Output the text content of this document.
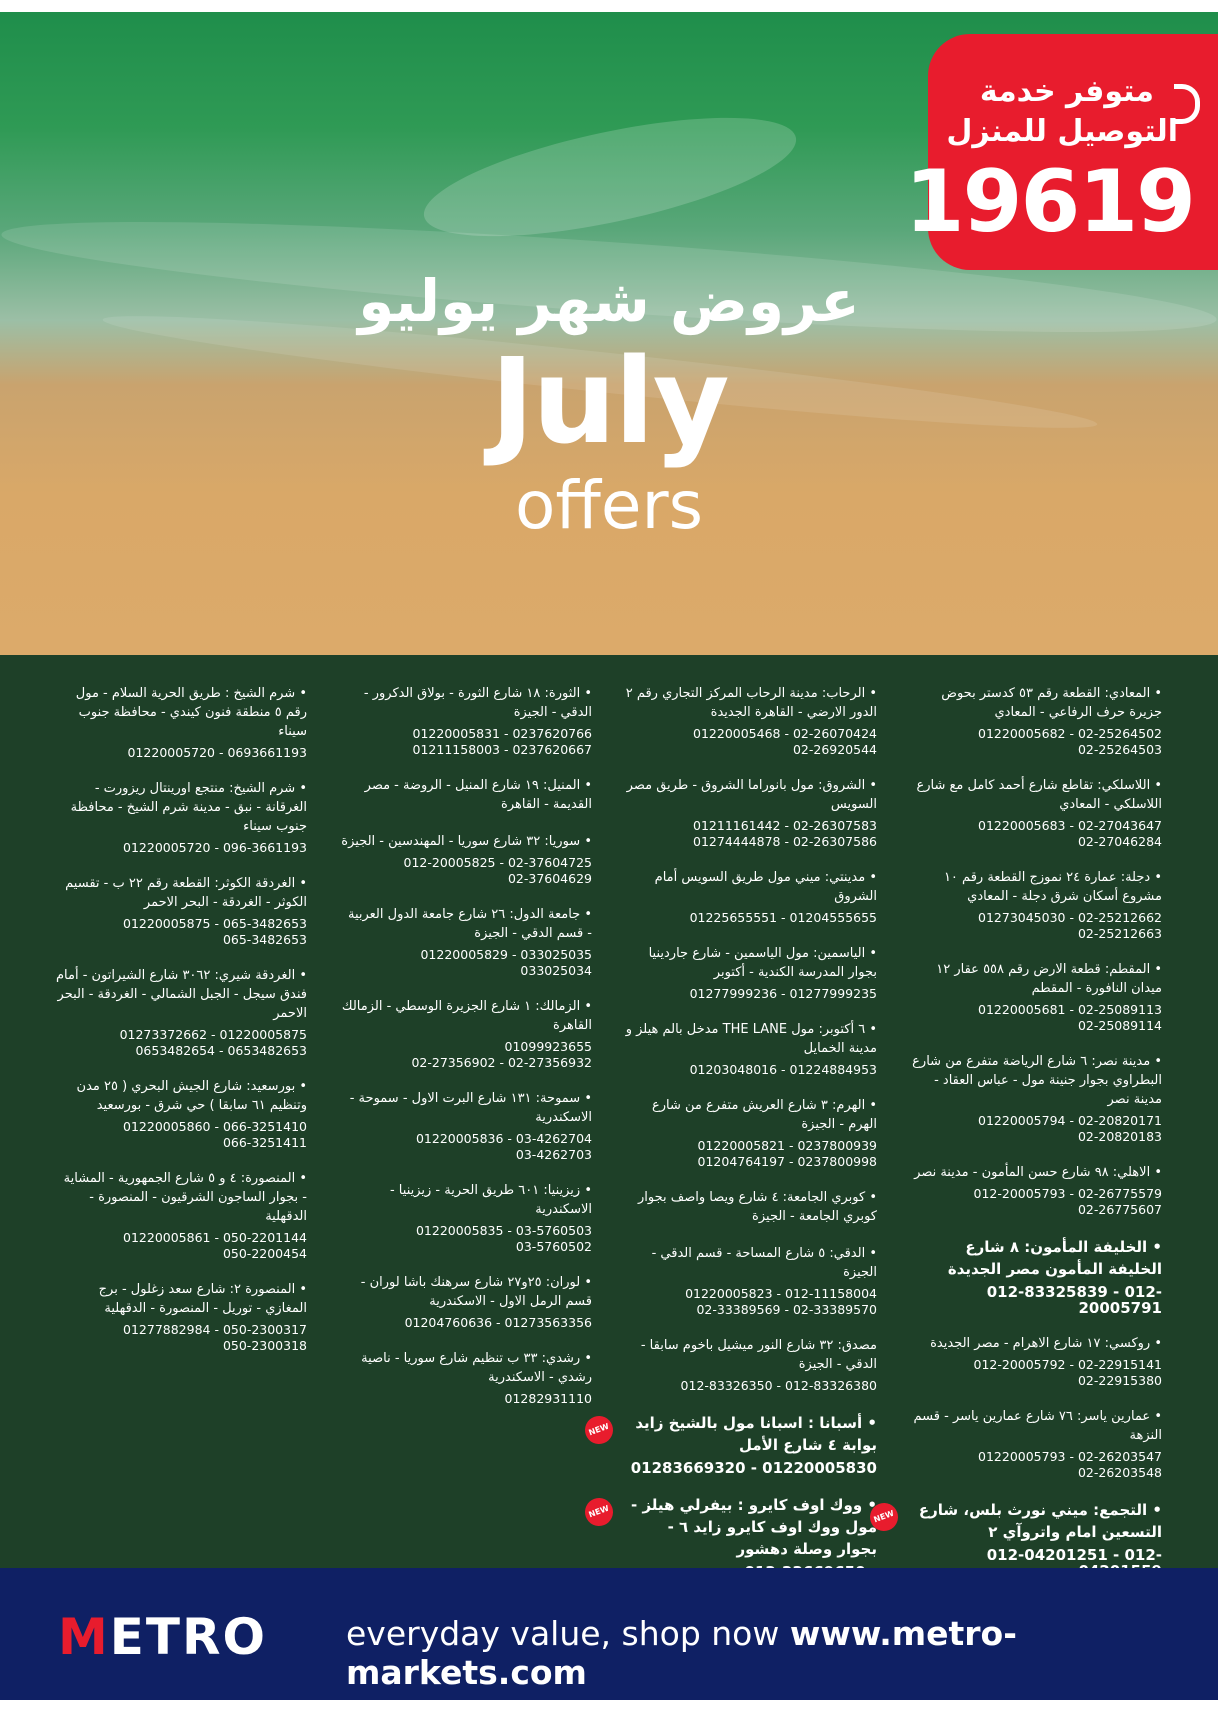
متوفر خدمة
التوصيل للمنزل
19619
عروض شهر يوليو
July
offers
• المعادي: القطعة رقم ٥٣ كدستر بحوض جزيرة حرف الرفاعي - المعادي
01220005682 - 02-25264502
02-25264503
• اللاسلكي: تقاطع شارع أحمد كامل مع شارع اللاسلكي - المعادي
01220005683 - 02-27043647
02-27046284
• دجلة: عمارة ٢٤ نموزج القطعة رقم ١٠ مشروع أسكان شرق دجلة - المعادي
01273045030 - 02-25212662
02-25212663
• المقطم: قطعة الارض رقم ٥٥٨ عقار ١٢ ميدان النافورة - المقطم
01220005681 - 02-25089113
02-25089114
• مدينة نصر: ٦ شارع الرياضة متفرع من شارع البطراوي بجوار جنينة مول - عباس العقاد - مدينة نصر
01220005794 - 02-20820171
02-20820183
• الاهلي: ٩٨ شارع حسن المأمون - مدينة نصر
012-20005793 - 02-26775579
02-26775607
• الخليفة المأمون: ٨ شارع الخليفة المأمون مصر الجديدة
012-83325839 - 012-20005791
• روكسي: ١٧ شارع الاهرام - مصر الجديدة
012-20005792 - 02-22915141
02-22915380
• عمارين ياسر: ٧٦ شارع عمارين ياسر - قسم النزهة
01220005793 - 02-26203547
02-26203548
• التجمع: ميني نورث بلس، شارع التسعين امام واتروآي ٢
012-04201251 - 012-
NEW
• الرحاب: مدينة الرحاب المركز التجاري رقم ٢ الدور الارضي - القاهرة الجديدة
01220005468 - 02-26070424
02-26920544
• الشروق: مول بانوراما الشروق - طريق مصر السويس
01211161442 - 02-26307583
01274444878 - 02-26307586
• مدينتي: ميني مول طريق السويس أمام الشروق
01225655551 - 01204555655
• الياسمين: مول الياسمين - شارع جاردينيا بجوار المدرسة الكندية - أكتوبر
01277999236 - 01277999235
• ٦ أكتوبر: مول THE LANE مدخل بالم هيلز و مدينة الخمايل
01203048016 - 01224884953
• الهرم: ٣ شارع العريش متفرع من شارع الهرم - الجيزة
01220005821 - 0237800939
01204764197 - 0237800998
• كوبري الجامعة: ٤ شارع ويصا واصف بجوار كوبري الجامعة - الجيزة
• الدقي: ٥ شارع المساحة - قسم الدقي - الجيزة
01220005823 - 012-11158004
02-33389569 - 02-33389570
مصدق: ٣٢ شارع النور ميشيل باخوم سابقا - الدقي - الجيزة
012-83326350 - 012-83326380
• أسبانا : اسبانا مول بالشيخ زايد بوابة ٤ شارع الأمل
01283669320 - 01220005830
NEW
• ووك اوف كايرو : بيفرلي هيلز - مول ووك اوف كايرو زايد ٦ - بجوار وصلة دهشور
NEW
• الثورة: ١٨ شارع الثورة - بولاق الدكرور - الدقي - الجيزة
01220005831 - 0237620766
01211158003 - 0237620667
• المنيل: ١٩ شارع المنيل - الروضة - مصر القديمة - القاهرة
• سوريا: ٣٢ شارع سوريا - المهندسين - الجيزة
012-20005825 - 02-37604725
02-37604629
• جامعة الدول: ٢٦ شارع جامعة الدول العربية - قسم الدقي - الجيزة
01220005829 - 033025035
033025034
• الزمالك: ١ شارع الجزيرة الوسطي - الزمالك القاهرة
01099923655
02-27356902 - 02-27356932
• سموحة: ١٣١ شارع البرت الاول - سموحة - الاسكندرية
01220005836 - 03-4262704
03-4262703
• زيزينيا: ٦٠١ طريق الحرية - زيزينيا - الاسكندرية
01220005835 - 03-5760503
03-5760502
• لوران: ٢٥و٢٧ شارع سرهنك باشا لوران - قسم الرمل الاول - الاسكندرية
01204760636 - 01273563356
• رشدي: ٣٣ ب تنظيم شارع سوريا - ناصية رشدي - الاسكندرية
01282931110
• شرم الشيخ : طريق الحرية السلام - مول رقم ٥ منطقة فنون كيندي - محافظة جنوب سيناء
01220005720 - 0693661193
• شرم الشيخ: منتجع اورينتال ريزورت - الغرقانة - نبق - مدينة شرم الشيخ - محافظة جنوب سيناء
01220005720 - 096-3661193
• الغردقة الكوثر: القطعة رقم ٢٢ ب - تقسيم الكوثر - الغردقة - البحر الاحمر
01220005875 - 065-3482653
065-3482653
• الغردقة شيري: ٣٠٦٢ شارع الشيراتون - أمام فندق سيجل - الجبل الشمالي - الغردقة - البحر الاحمر
01273372662 - 01220005875
0653482654 - 0653482653
• بورسعيد: شارع الجيش البحري ( ٢٥ مدن وتنظيم ٦١ سابقا ) حي شرق - بورسعيد
01220005860 - 066-3251410
066-3251411
• المنصورة: ٤ و ٥ شارع الجمهورية - المشاية - بجوار الساجون الشرقيون - المنصورة - الدقهلية
01220005861 - 050-2201144
050-2200454
• المنصورة ٢: شارع سعد زغلول - برج المغازي - توريل - المنصورة - الدقهلية
01277882984 - 050-2300317
050-2300318
METRO everyday value, shop now www.metro-markets.com
